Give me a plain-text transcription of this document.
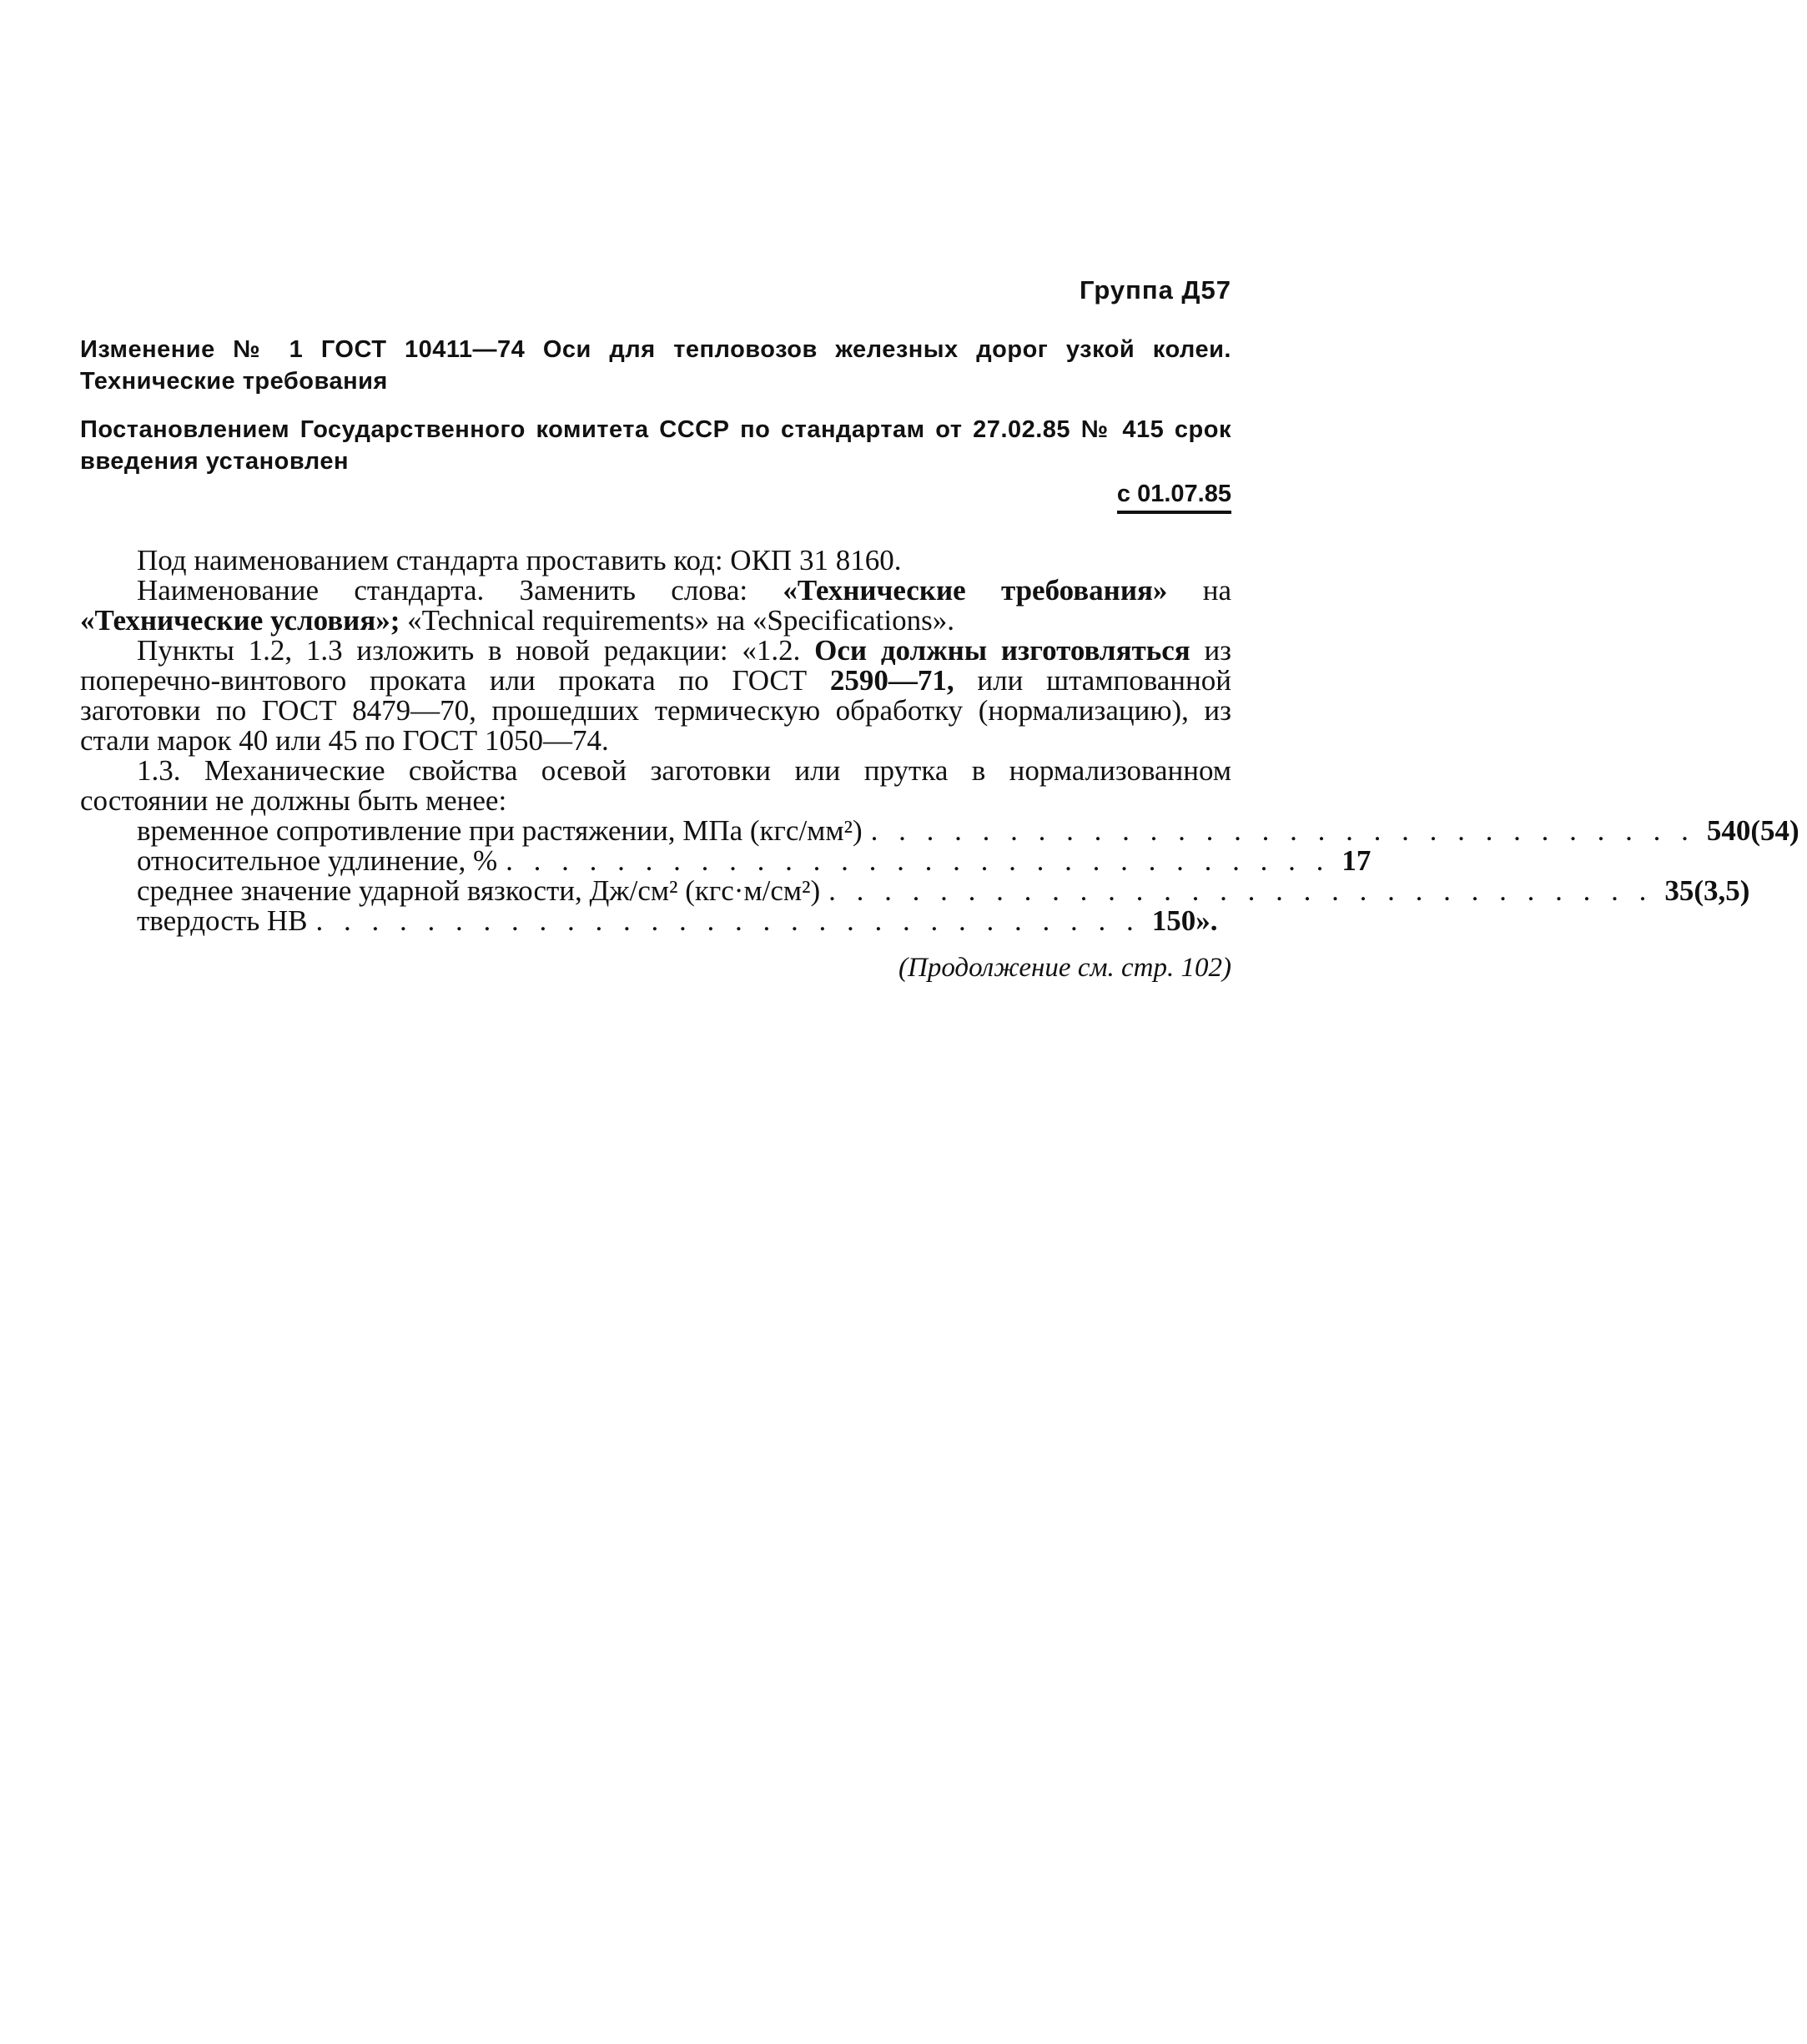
Группа Д57
Изменение № 1 ГОСТ 10411—74 Оси для тепловозов железных дорог узкой колеи. Технические требования
Постановлением Государственного комитета СССР по стандартам от 27.02.85 № 415 срок введения установлен
с 01.07.85

Под наименованием стандарта проставить код: ОКП 31 8160.

Наименование стандарта. Заменить слова: «Технические требования» на «Технические условия»; «Technical requirements» на «Specifications».

Пункты 1.2, 1.3 изложить в новой редакции: «1.2. Оси должны изготовляться из поперечно-винтового проката или проката по ГОСТ 2590—71, или штампованной заготовки по ГОСТ 8479—70, прошедших термическую обработку (нормализацию), из стали марок 40 или 45 по ГОСТ 1050—74.

1.3. Механические свойства осевой заготовки или прутка в нормализованном состоянии не должны быть менее:

временное сопротивление при растяжении, МПа (кгс/мм²) . . . . . . . . . . . . . . . . . . . . . . . . . . . . . . 540(54)
относительное удлинение, % . . . . . . . . . . . . . . . . . . . . . . . . . . . . . . 17
среднее значение ударной вязкости, Дж/см² (кгс·м/см²) . . . . . . . . . . . . . . . . . . . . . . . . . . . . . . 35(3,5)
твердость НВ . . . . . . . . . . . . . . . . . . . . . . . . . . . . . . 150».
(Продолжение см. стр. 102)
